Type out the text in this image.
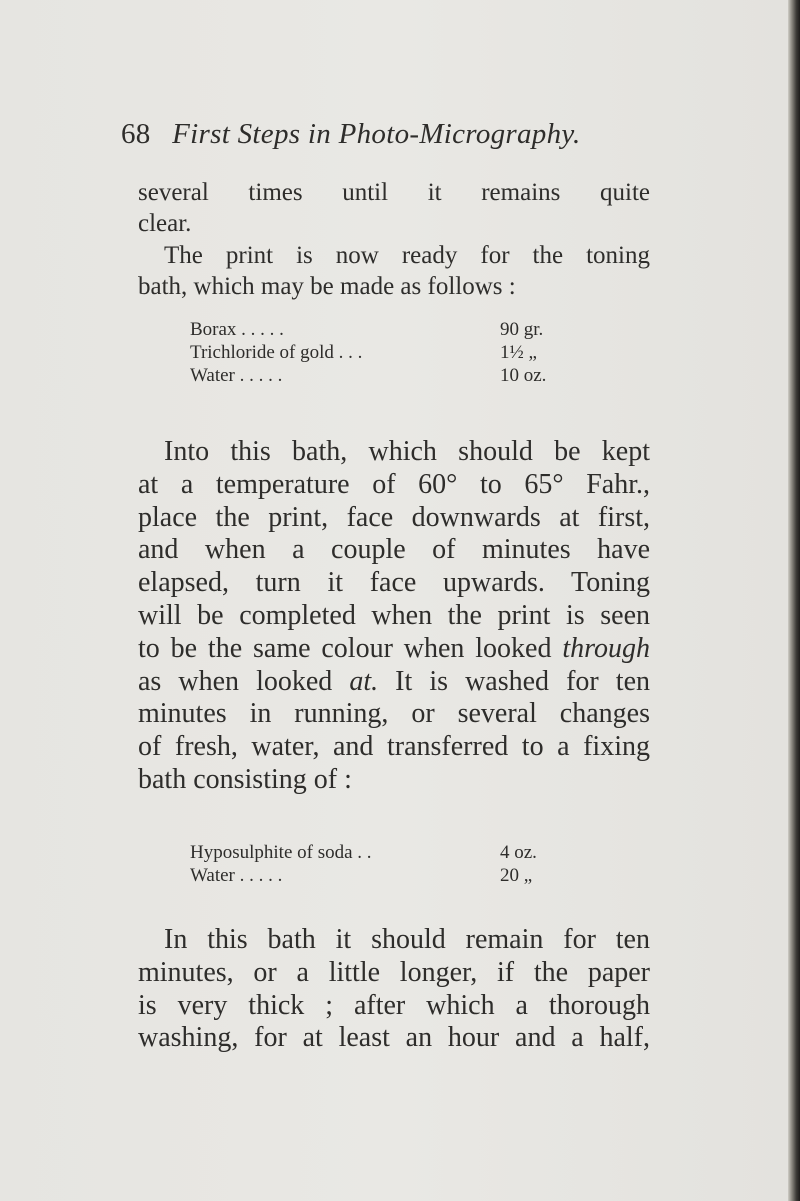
68 First Steps in Photo-Micrography.

several times until it remains quite
clear.

The print is now ready for the toning
bath, which may be made as follows :

Borax . . . . .	90 gr.
Trichloride of gold . . .	1½ „
Water . . . . .	10 oz.

Into this bath, which should be kept
at a temperature of 60° to 65° Fahr.,
place the print, face downwards at first,
and when a couple of minutes have
elapsed, turn it face upwards. Toning
will be completed when the print is seen
to be the same colour when looked through
as when looked at. It is washed for ten
minutes in running, or several changes
of fresh, water, and transferred to a fixing
bath consisting of :

Hyposulphite of soda . .	4 oz.
Water . . . . .	20 „

In this bath it should remain for ten
minutes, or a little longer, if the paper
is very thick ; after which a thorough
washing, for at least an hour and a half,
